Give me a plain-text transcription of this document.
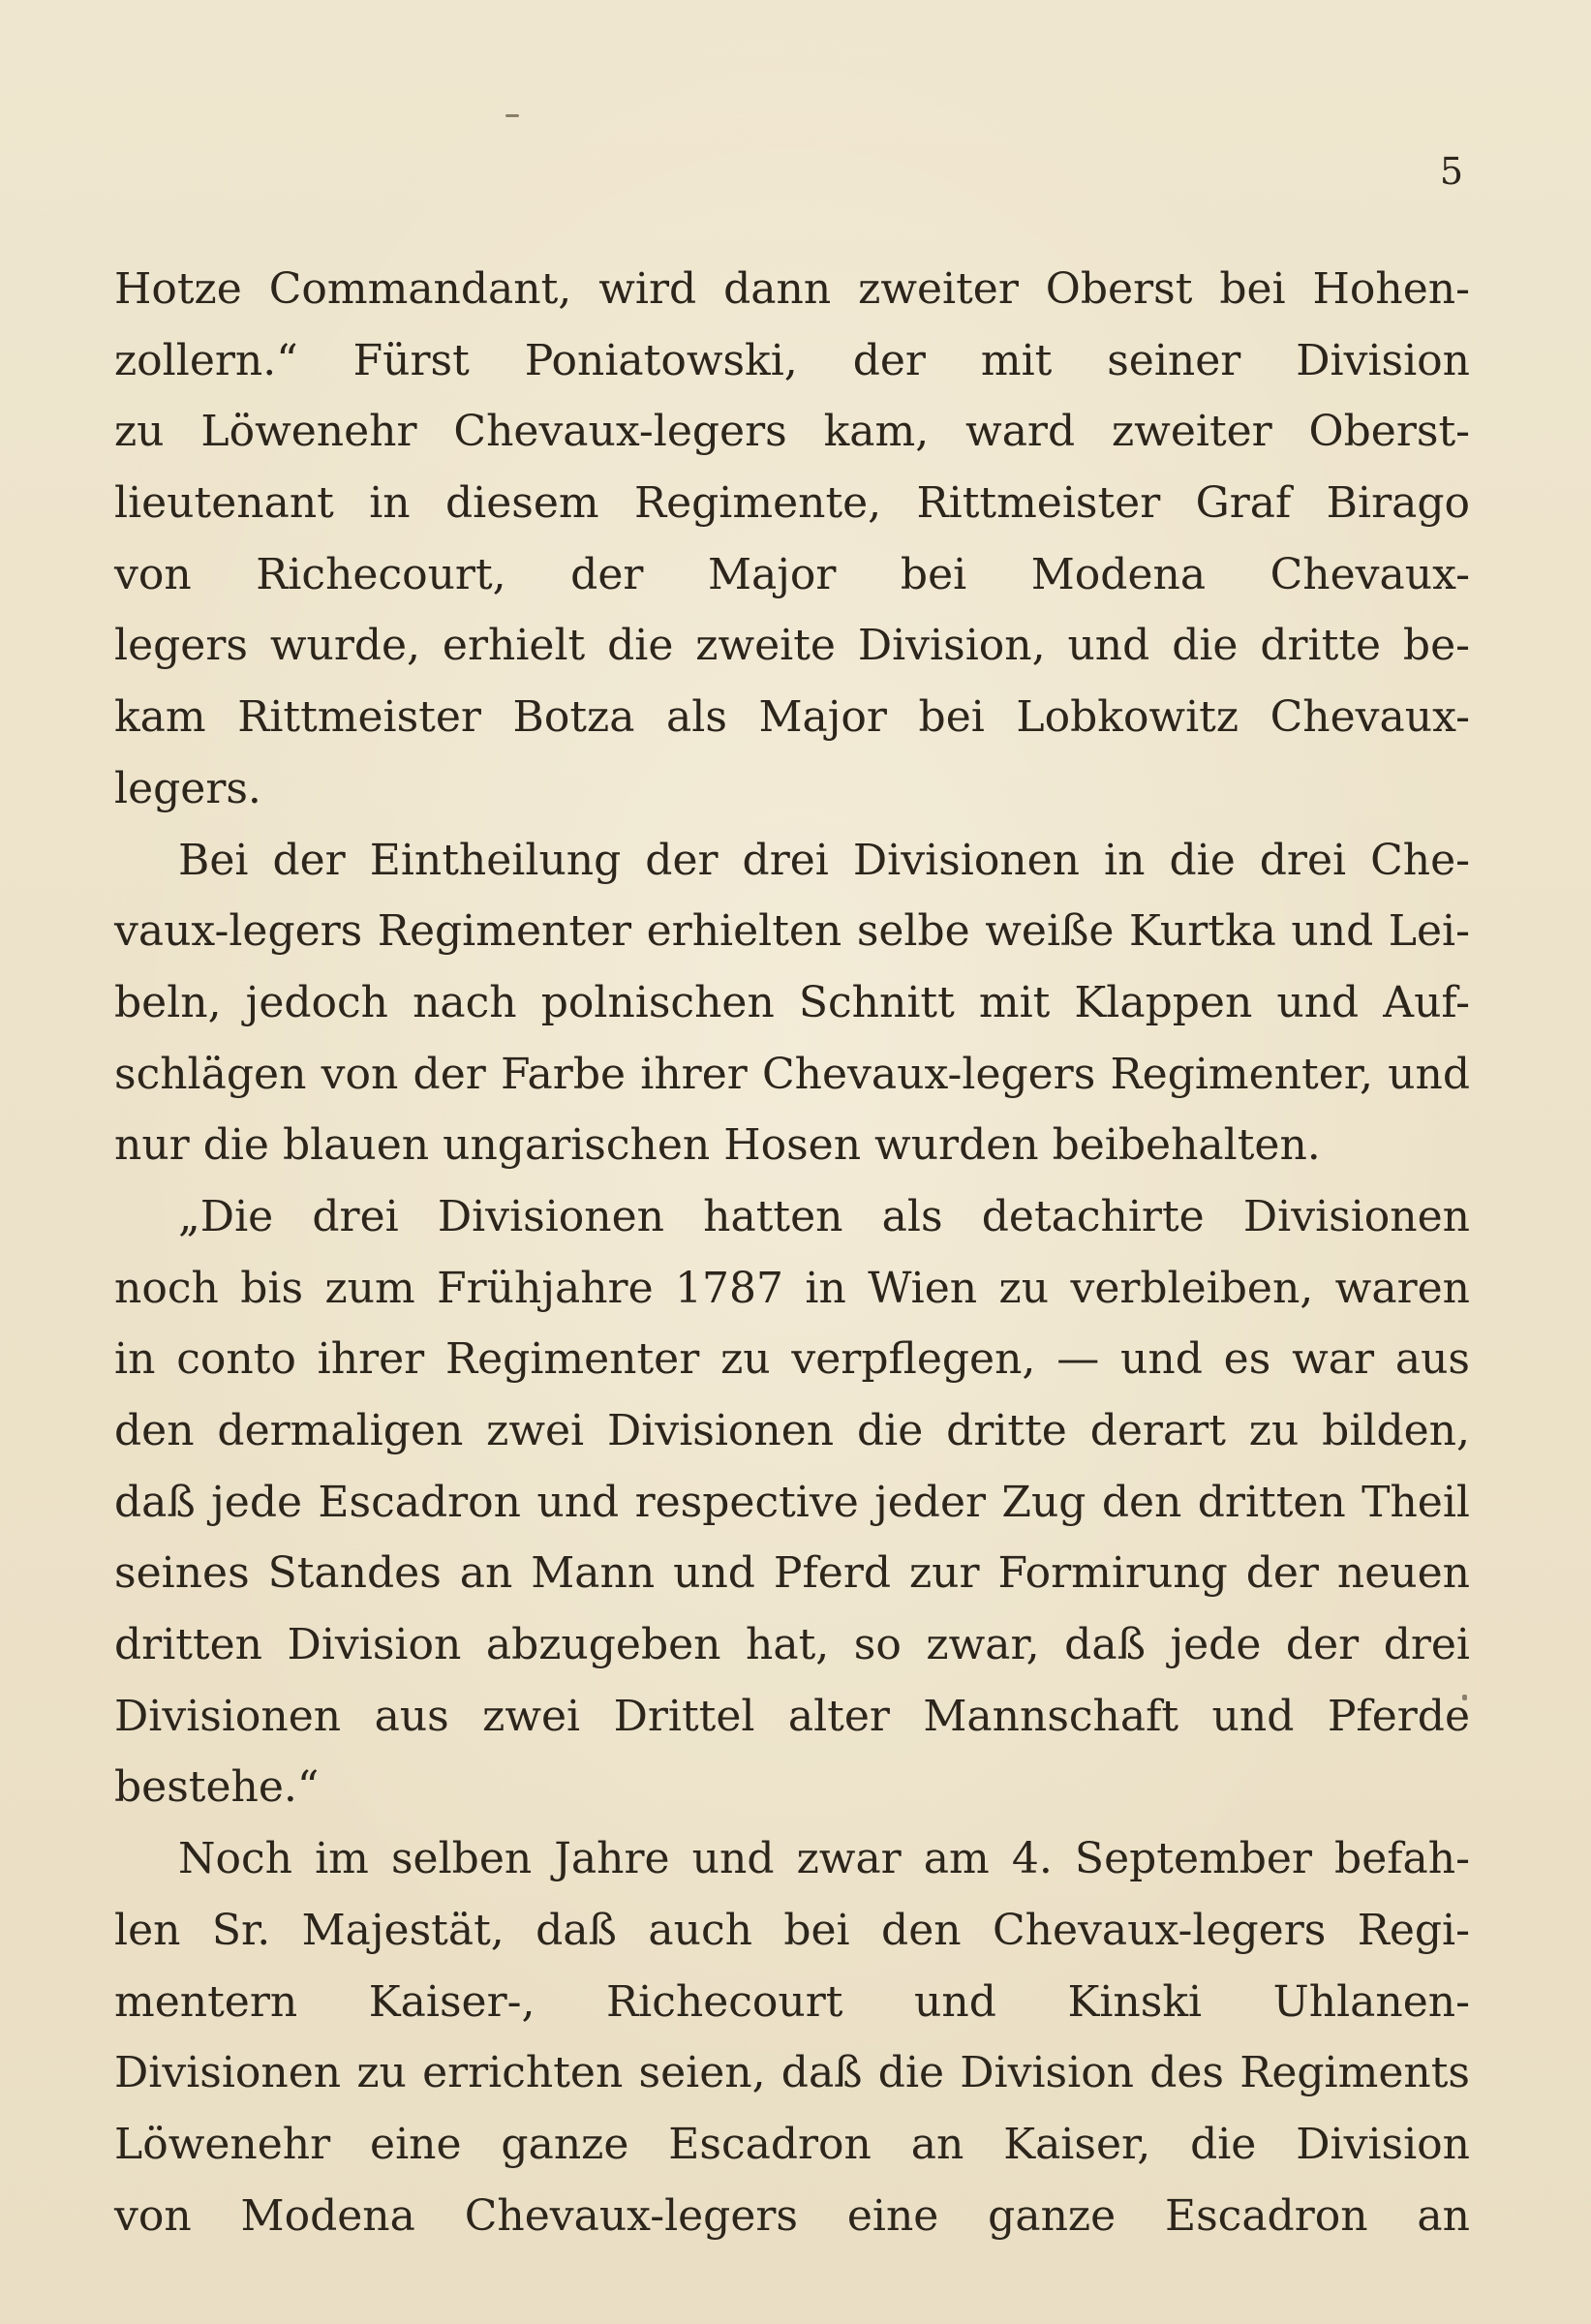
5
Hotze Commandant, wird dann zweiter Oberst bei Hohen-
zollern.“ Fürst Poniatowski, der mit seiner Division
zu Löwenehr Chevaux-legers kam, ward zweiter Oberst-
lieutenant in diesem Regimente, Rittmeister Graf Birago
von Richecourt, der Major bei Modena Chevaux-
legers wurde, erhielt die zweite Division, und die dritte be-
kam Rittmeister Botza als Major bei Lobkowitz Chevaux-
legers.
Bei der Eintheilung der drei Divisionen in die drei Che-
vaux-legers Regimenter erhielten selbe weiße Kurtka und Lei-
beln, jedoch nach polnischen Schnitt mit Klappen und Auf-
schlägen von der Farbe ihrer Chevaux-legers Regimenter, und
nur die blauen ungarischen Hosen wurden beibehalten.
„Die drei Divisionen hatten als detachirte Divisionen
noch bis zum Frühjahre 1787 in Wien zu verbleiben, waren
in conto ihrer Regimenter zu verpflegen, — und es war aus
den dermaligen zwei Divisionen die dritte derart zu bilden,
daß jede Escadron und respective jeder Zug den dritten Theil
seines Standes an Mann und Pferd zur Formirung der neuen
dritten Division abzugeben hat, so zwar, daß jede der drei
Divisionen aus zwei Drittel alter Mannschaft und Pferde
bestehe.“
Noch im selben Jahre und zwar am 4. September befah-
len Sr. Majestät, daß auch bei den Chevaux-legers Regi-
mentern Kaiser-, Richecourt und Kinski Uhlanen-
Divisionen zu errichten seien, daß die Division des Regiments
Löwenehr eine ganze Escadron an Kaiser, die Division
von Modena Chevaux-legers eine ganze Escadron an
